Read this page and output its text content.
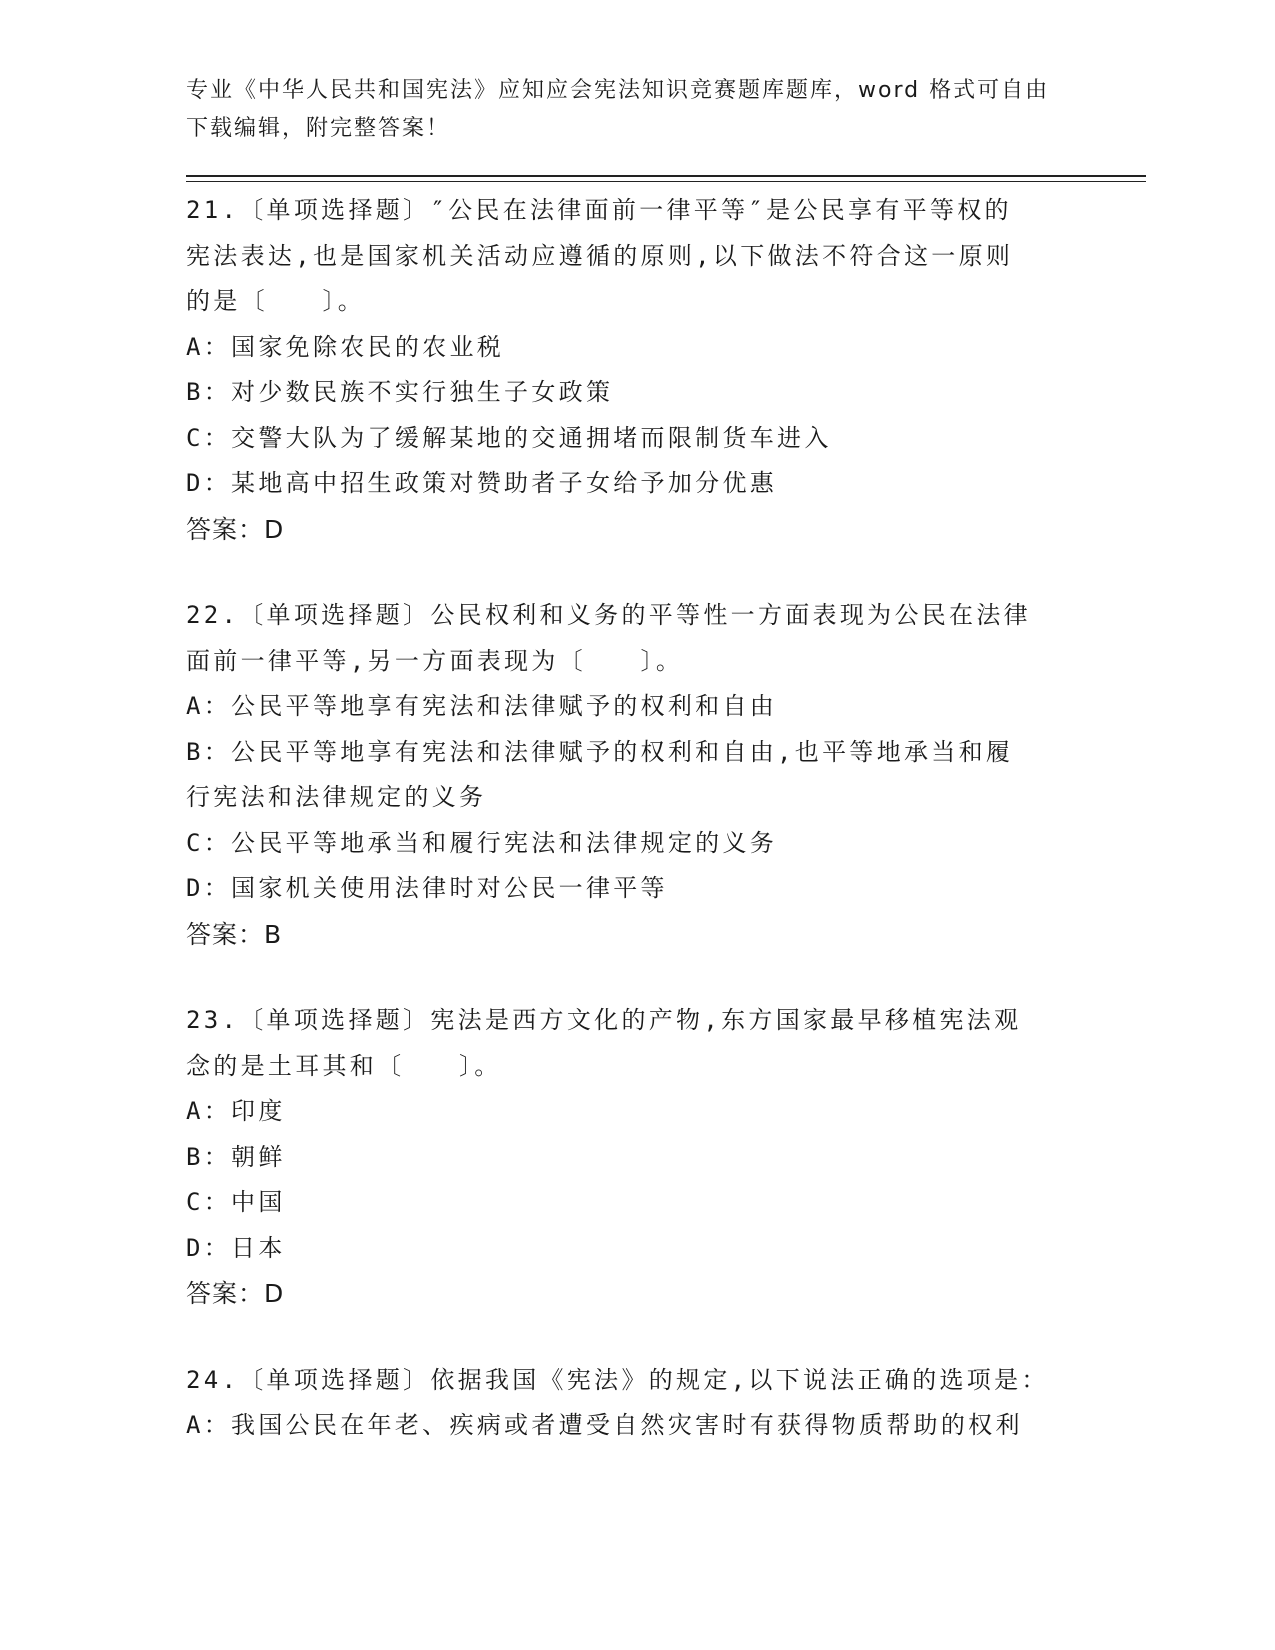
专业《中华人民共和国宪法》应知应会宪法知识竞赛题库题库，word 格式可自由
下载编辑，附完整答案！
21.〔单项选择题〕″公民在法律面前一律平等″是公民享有平等权的
宪法表达,也是国家机关活动应遵循的原则,以下做法不符合这一原则
的是〔　　〕。
A：国家免除农民的农业税
B：对少数民族不实行独生子女政策
C：交警大队为了缓解某地的交通拥堵而限制货车进入
D：某地高中招生政策对赞助者子女给予加分优惠
答案：D
22.〔单项选择题〕公民权利和义务的平等性一方面表现为公民在法律
面前一律平等,另一方面表现为〔　　〕。
A：公民平等地享有宪法和法律赋予的权利和自由
B：公民平等地享有宪法和法律赋予的权利和自由,也平等地承当和履
行宪法和法律规定的义务
C：公民平等地承当和履行宪法和法律规定的义务
D：国家机关使用法律时对公民一律平等
答案：B
23.〔单项选择题〕宪法是西方文化的产物,东方国家最早移植宪法观
念的是土耳其和〔　　〕。
A：印度
B：朝鲜
C：中国
D：日本
答案：D
24.〔单项选择题〕依据我国《宪法》的规定,以下说法正确的选项是：
A：我国公民在年老、疾病或者遭受自然灾害时有获得物质帮助的权利
